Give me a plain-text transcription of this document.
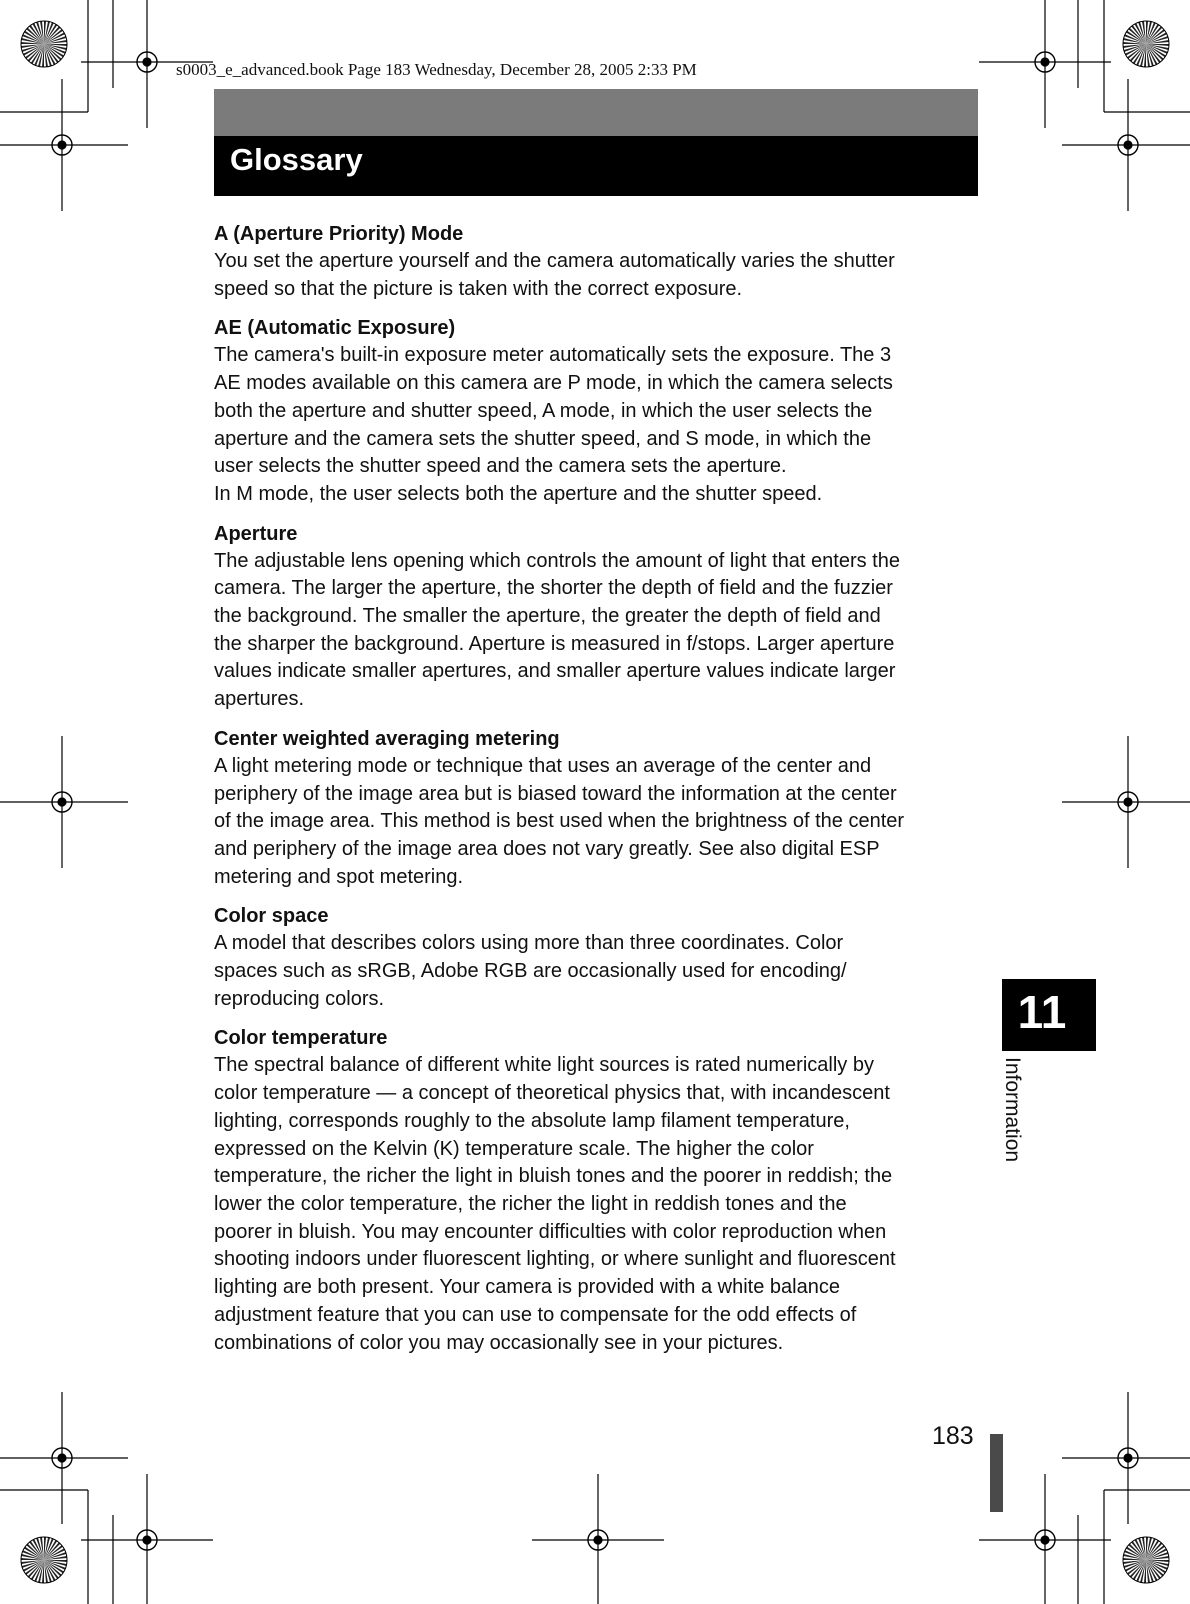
s0003_e_advanced.book Page 183 Wednesday, December 28, 2005 2:33 PM
Glossary
A (Aperture Priority) Mode

You set the aperture yourself and the camera automatically varies the shutter

speed so that the picture is taken with the correct exposure.

AE (Automatic Exposure)

The camera's built-in exposure meter automatically sets the exposure. The 3

AE modes available on this camera are P mode, in which the camera selects

both the aperture and shutter speed, A mode, in which the user selects the

aperture and the camera sets the shutter speed, and S mode, in which the

user selects the shutter speed and the camera sets the aperture.

In M mode, the user selects both the aperture and the shutter speed.

Aperture

The adjustable lens opening which controls the amount of light that enters the

camera. The larger the aperture, the shorter the depth of field and the fuzzier

the background. The smaller the aperture, the greater the depth of field and

the sharper the background. Aperture is measured in f/stops. Larger aperture

values indicate smaller apertures, and smaller aperture values indicate larger

apertures.

Center weighted averaging metering

A light metering mode or technique that uses an average of the center and

periphery of the image area but is biased toward the information at the center

of the image area. This method is best used when the brightness of the center

and periphery of the image area does not vary greatly. See also digital ESP

metering and spot metering.

Color space

A model that describes colors using more than three coordinates. Color

spaces such as sRGB, Adobe RGB are occasionally used for encoding/

reproducing colors.

Color temperature

The spectral balance of different white light sources is rated numerically by

color temperature — a concept of theoretical physics that, with incandescent

lighting, corresponds roughly to the absolute lamp filament temperature,

expressed on the Kelvin (K) temperature scale. The higher the color

temperature, the richer the light in bluish tones and the poorer in reddish; the

lower the color temperature, the richer the light in reddish tones and the

poorer in bluish. You may encounter difficulties with color reproduction when

shooting indoors under fluorescent lighting, or where sunlight and fluorescent

lighting are both present. Your camera is provided with a white balance

adjustment feature that you can use to compensate for the odd effects of

combinations of color you may occasionally see in your pictures.

11
Information
183
